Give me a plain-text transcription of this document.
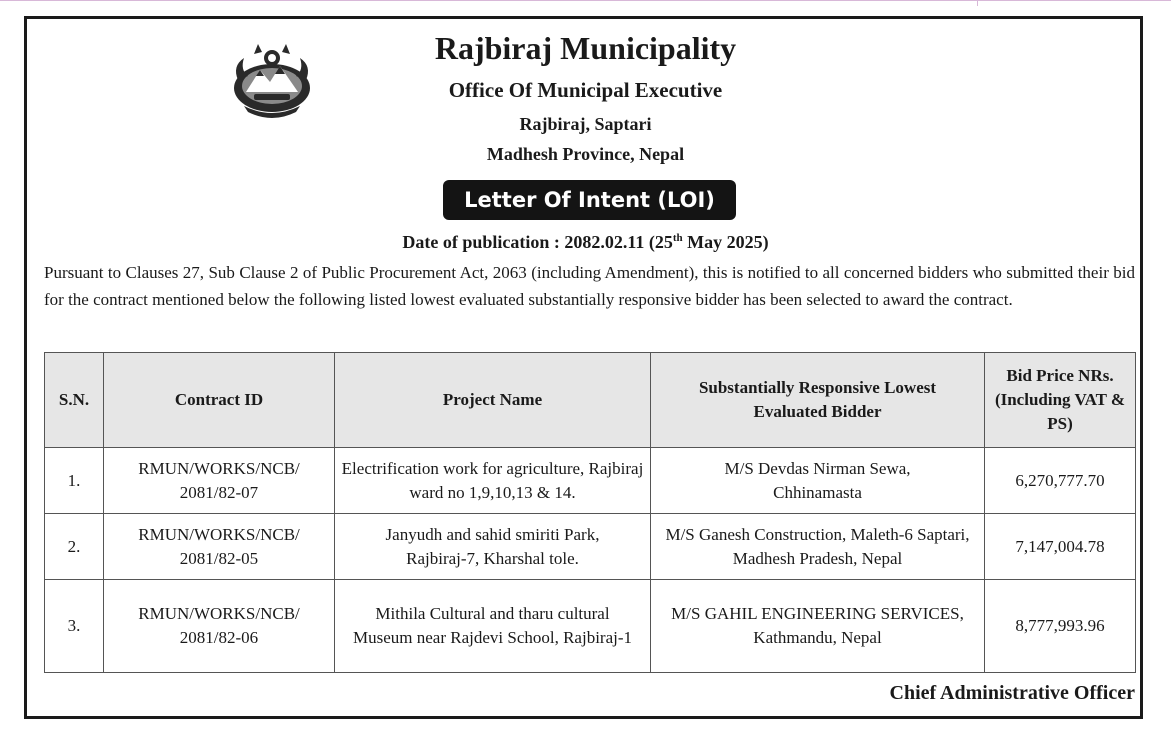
Rajbiraj Municipality
Office Of Municipal Executive
Rajbiraj, Saptari
Madhesh Province, Nepal
Letter Of Intent (LOI)
Date of publication : 2082.02.11 (25th May 2025)
Pursuant to Clauses 27, Sub Clause 2 of Public Procurement Act, 2063 (including Amendment), this is notified to all concerned bidders who submitted their bid for the contract mentioned below the following listed lowest evaluated substantially responsive bidder has been selected to award the contract.
S.N.	Contract ID	Project Name	Substantially Responsive Lowest Evaluated Bidder	Bid Price NRs. (Including VAT & PS)
1.	RMUN/WORKS/NCB/ 2081/82-07	Electrification work for agriculture, Rajbiraj ward no 1,9,10,13 & 14.	M/S Devdas Nirman Sewa, Chhinamasta	6,270,777.70
2.	RMUN/WORKS/NCB/ 2081/82-05	Janyudh and sahid smiriti Park, Rajbiraj-7, Kharshal tole.	M/S Ganesh Construction, Maleth-6 Saptari, Madhesh Pradesh, Nepal	7,147,004.78
3.	RMUN/WORKS/NCB/ 2081/82-06	Mithila Cultural and tharu cultural Museum near Rajdevi School, Rajbiraj-1	M/S GAHIL ENGINEERING SERVICES, Kathmandu, Nepal	8,777,993.96
Chief Administrative Officer
